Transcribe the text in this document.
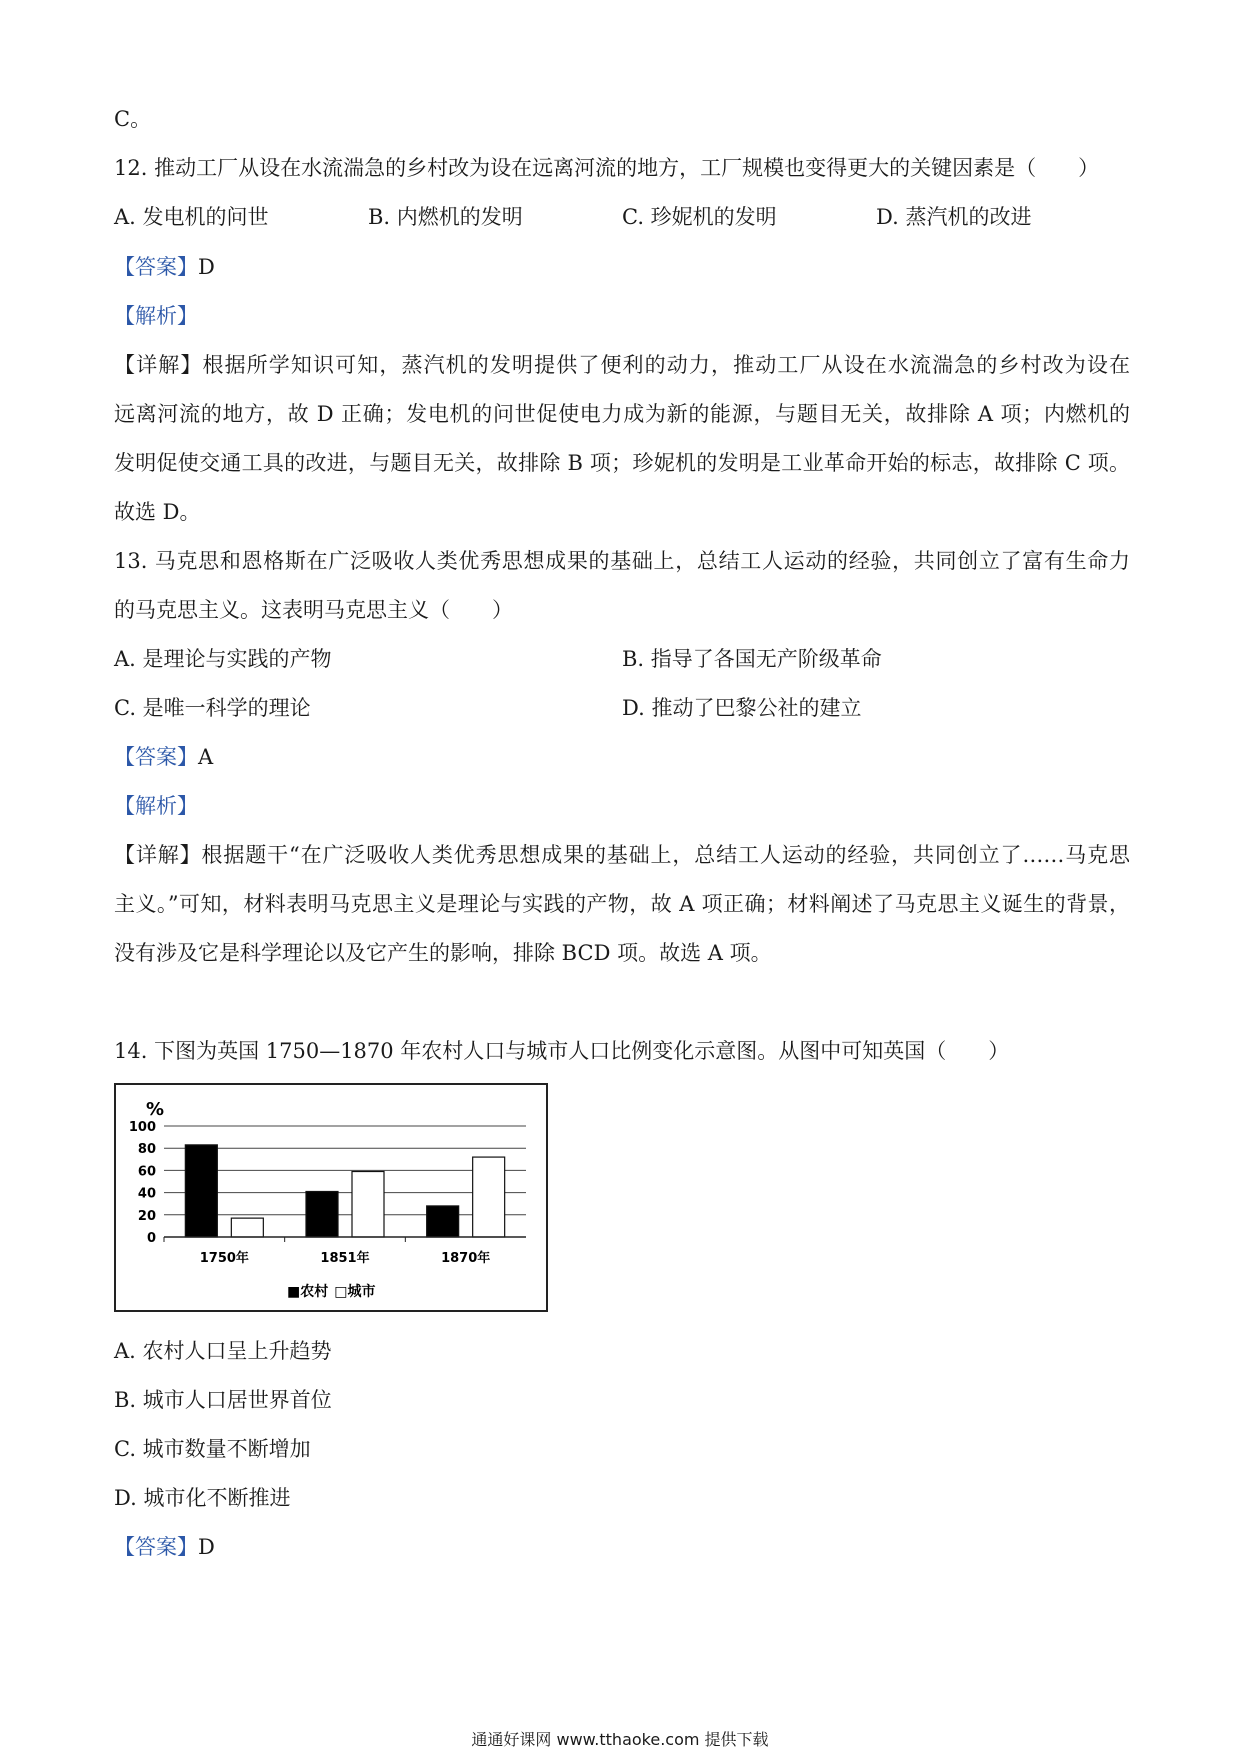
C。
12. 推动工厂从设在水流湍急的乡村改为设在远离河流的地方，工厂规模也变得更大的关键因素是（　　）
A. 发电机的问世	B. 内燃机的发明	C. 珍妮机的发明	D. 蒸汽机的改进
【答案】D
【解析】
【详解】根据所学知识可知，蒸汽机的发明提供了便利的动力，推动工厂从设在水流湍急的乡村改为设在
远离河流的地方，故 D 正确；发电机的问世促使电力成为新的能源，与题目无关，故排除 A 项；内燃机的
发明促使交通工具的改进，与题目无关，故排除 B 项；珍妮机的发明是工业革命开始的标志，故排除 C 项。
故选 D。
13. 马克思和恩格斯在广泛吸收人类优秀思想成果的基础上，总结工人运动的经验，共同创立了富有生命力
的马克思主义。这表明马克思主义（　　）
A. 是理论与实践的产物	B. 指导了各国无产阶级革命
C. 是唯一科学的理论	D. 推动了巴黎公社的建立
【答案】A
【解析】
【详解】根据题干“在广泛吸收人类优秀思想成果的基础上，总结工人运动的经验，共同创立了……马克思
主义。”可知，材料表明马克思主义是理论与实践的产物，故 A 项正确；材料阐述了马克思主义诞生的背景，
没有涉及它是科学理论以及它产生的影响，排除 BCD 项。故选 A 项。
14. 下图为英国 1750—1870 年农村人口与城市人口比例变化示意图。从图中可知英国（　　）
%
0
20
40
60
80
100
1750年	1851年	1870年
■农村 □城市
A. 农村人口呈上升趋势
B. 城市人口居世界首位
C. 城市数量不断增加
D. 城市化不断推进
【答案】D
通通好课网 www.tthaoke.com 提供下载
